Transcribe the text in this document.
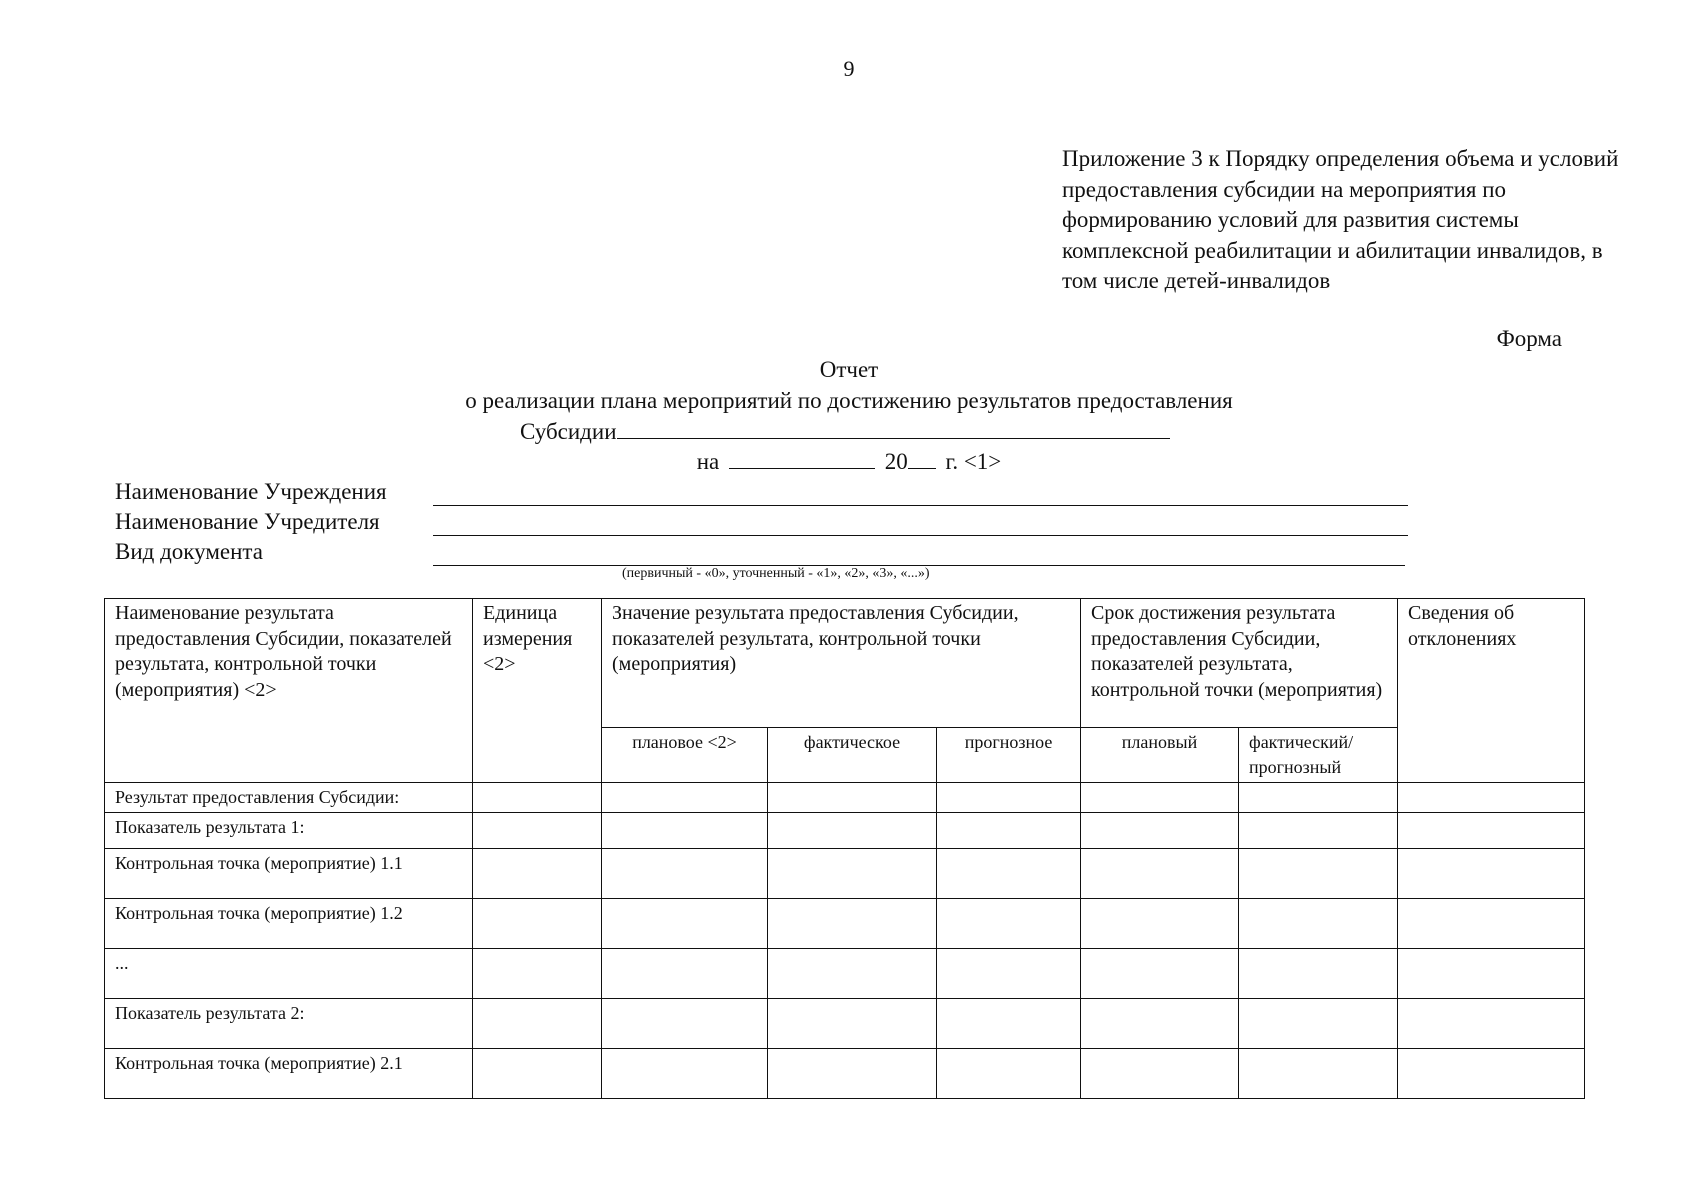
9
Приложение 3 к Порядку определения объема и условий предоставления субсидии на мероприятия по формированию условий для развития системы комплексной реабилитации и абилитации инвалидов, в том числе детей-инвалидов
Форма
Отчет
о реализации плана мероприятий по достижению результатов предоставления
Субсидии
на	20 г. <1>
Наименование Учреждения
Наименование Учредителя
Вид документа
(первичный - «0», уточненный - «1», «2», «3», «...»)
Наименование результата предоставления Субсидии, показателей результата, контрольной точки (мероприятия) <2>	Единица измерения <2>	Значение результата предоставления Субсидии, показателей результата, контрольной точки (мероприятия)			Срок достижения результата предоставления Субсидии, показателей результата, контрольной точки (мероприятия)		Сведения об отклонениях
		плановое <2>	фактическое	прогнозное	плановый	фактический/ прогнозный	
Результат предоставления Субсидии:							
Показатель результата 1:							
Контрольная точка (мероприятие) 1.1							
Контрольная точка (мероприятие) 1.2							
...							
Показатель результата 2:							
Контрольная точка (мероприятие) 2.1							
